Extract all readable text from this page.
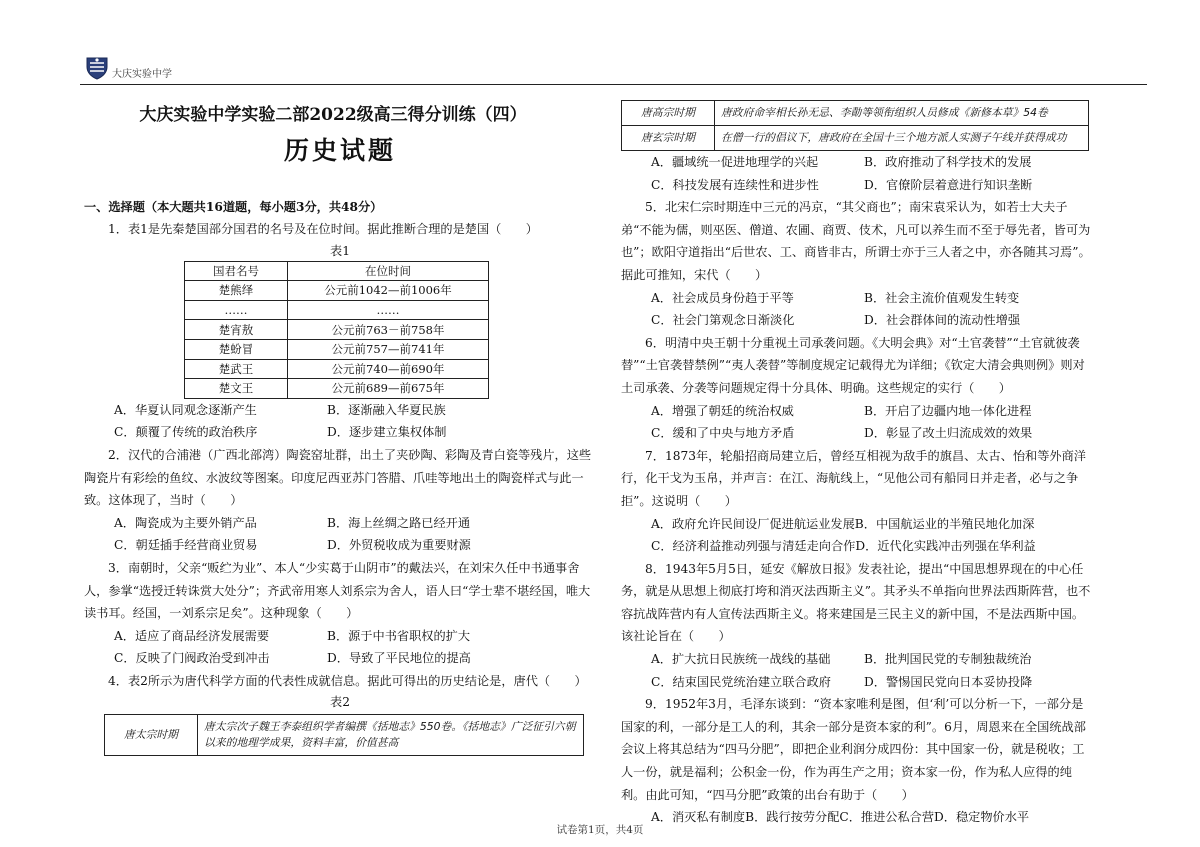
大庆实验中学
大庆实验中学实验二部2022级高三得分训练（四）
历史试题
一、选择题（本大题共16道题，每小题3分，共48分）
1．表1是先秦楚国部分国君的名号及在位时间。据此推断合理的是楚国（　　）
表1
国君名号	在位时间
楚熊绎	公元前1042—前1006年
……	……
楚宵敖	公元前763－前758年
楚蚡冒	公元前757—前741年
楚武王	公元前740—前690年
楚文王	公元前689—前675年
A．华夏认同观念逐渐产生	B．逐渐融入华夏民族
C．颠覆了传统的政治秩序	D．逐步建立集权体制
2．汉代的合浦港（广西北部湾）陶瓷窑址群，出土了夹砂陶、彩陶及青白瓷等残片，这些陶瓷片有彩绘的鱼纹、水波纹等图案。印度尼西亚苏门答腊、爪哇等地出土的陶瓷样式与此一致。这体现了，当时（　　）
A．陶瓷成为主要外销产品	B．海上丝绸之路已经开通
C．朝廷插手经营商业贸易	D．外贸税收成为重要财源
3．南朝时，父亲“贩纻为业”、本人“少实葛于山阴市”的戴法兴，在刘宋久任中书通事舍人，参掌“选授迁转诛赏大处分”；齐武帝用寒人刘系宗为舍人，语人曰“学士辈不堪经国，唯大读书耳。经国，一刘系宗足矣”。这种现象（　　）
A．适应了商品经济发展需要	B．源于中书省职权的扩大
C．反映了门阀政治受到冲击	D．导致了平民地位的提高
4．表2所示为唐代科学方面的代表性成就信息。据此可得出的历史结论是，唐代（　　）
表2
唐太宗时期	唐太宗次子魏王李泰组织学者编撰《括地志》550卷。《括地志》广泛征引六朝以来的地理学成果，资料丰富，价值甚高
唐高宗时期	唐政府命宰相长孙无忌、李勣等领衔组织人员修成《新修本草》54卷
唐玄宗时期	在僧一行的倡议下，唐政府在全国十三个地方派人实测子午线并获得成功
A．疆域统一促进地理学的兴起	B．政府推动了科学技术的发展
C．科技发展有连续性和进步性	D．官僚阶层着意进行知识垄断
5．北宋仁宗时期连中三元的冯京，“其父商也”；南宋袁采认为，如若士大夫子弟“不能为儒，则巫医、僧道、农圃、商贾、伎术，凡可以养生而不至于辱先者，皆可为也”；欧阳守道指出“后世农、工、商皆非古，所谓士亦于三人者之中，亦各随其习焉”。据此可推知，宋代（　　）
A．社会成员身份趋于平等	B．社会主流价值观发生转变
C．社会门第观念日渐淡化	D．社会群体间的流动性增强
6．明清中央王朝十分重视土司承袭问题。《大明会典》对“土官袭替”“土官就彼袭替”“土官袭替禁例”“夷人袭替”等制度规定记载得尤为详细；《钦定大清会典则例》则对土司承袭、分袭等问题规定得十分具体、明确。这些规定的实行（　　）
A．增强了朝廷的统治权威	B．开启了边疆内地一体化进程
C．缓和了中央与地方矛盾	D．彰显了改土归流成效的效果
7．1873年，轮船招商局建立后，曾经互相视为敌手的旗昌、太古、怡和等外商洋行，化干戈为玉帛，并声言：在江、海航线上，“见他公司有船同日并走者，必与之争拒”。这说明（　　）
A．政府允许民间设厂促进航运业发展B．中国航运业的半殖民地化加深
C．经济利益推动列强与清廷走向合作D．近代化实践冲击列强在华利益
8．1943年5月5日，延安《解放日报》发表社论，提出“中国思想界现在的中心任务，就是从思想上彻底打垮和消灭法西斯主义”。其矛头不单指向世界法西斯阵营，也不容抗战阵营内有人宣传法西斯主义。将来建国是三民主义的新中国，不是法西斯中国。该社论旨在（　　）
A．扩大抗日民族统一战线的基础	B．批判国民党的专制独裁统治
C．结束国民党统治建立联合政府	D．警惕国民党向日本妥协投降
9．1952年3月，毛泽东谈到：“资本家唯利是图，但‘利’可以分析一下，一部分是国家的利，一部分是工人的利，其余一部分是资本家的利”。6月，周恩来在全国统战部会议上将其总结为“四马分肥”，即把企业利润分成四份：其中国家一份，就是税收；工人一份，就是福利；公积金一份，作为再生产之用；资本家一份，作为私人应得的纯利。由此可知，“四马分肥”政策的出台有助于（　　）
A．消灭私有制度B．践行按劳分配C．推进公私合营D．稳定物价水平
试卷第1页，共4页
